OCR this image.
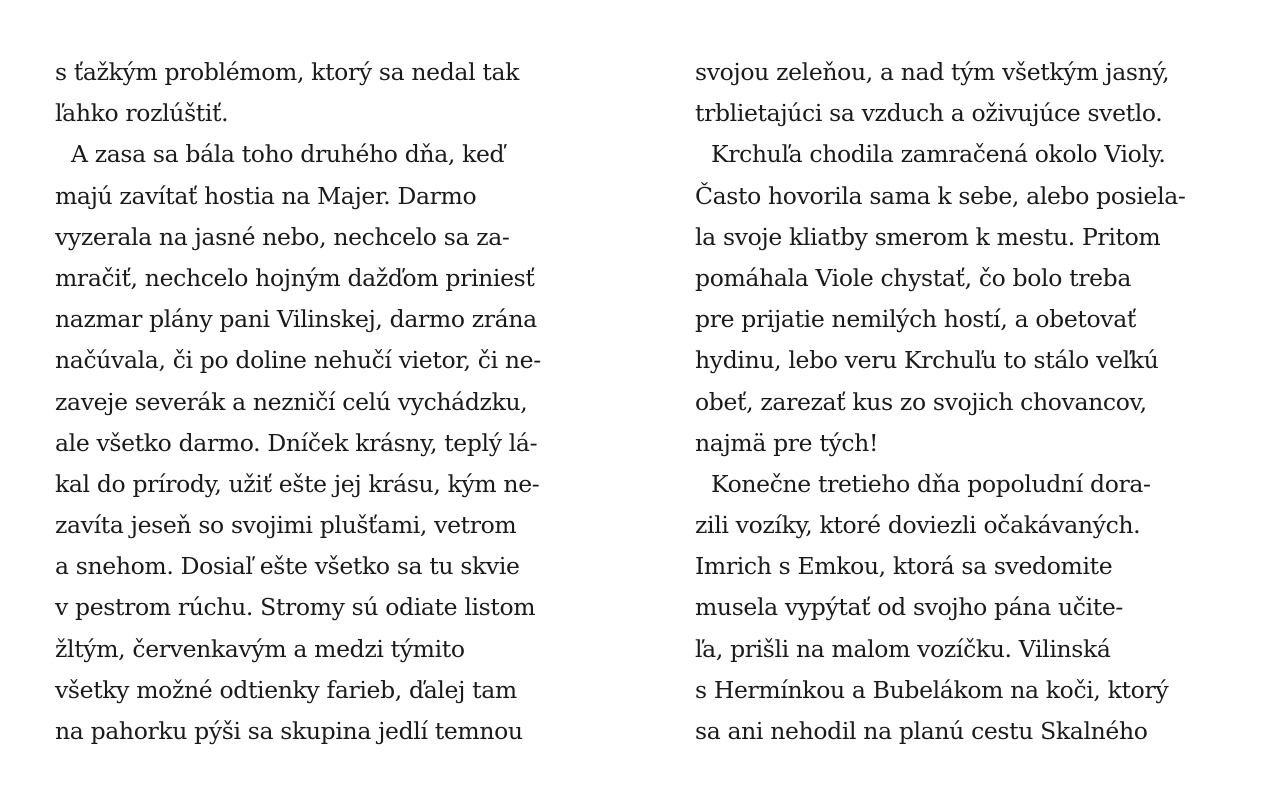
s ťažkým problémom, ktorý sa nedal tak
ľahko rozlúštiť.
A zasa sa bála toho druhého dňa, keď
majú zavítať hostia na Majer. Darmo
vyzerala na jasné nebo, nechcelo sa za-
mračiť, nechcelo hojným dažďom priniesť
nazmar plány pani Vilinskej, darmo zrána
načúvala, či po doline nehučí vietor, či ne-
zaveje severák a nezničí celú vychádzku,
ale všetko darmo. Dníček krásny, teplý lá-
kal do prírody, užiť ešte jej krásu, kým ne-
zavíta jeseň so svojimi plušťami, vetrom
a snehom. Dosiaľ ešte všetko sa tu skvie
v pestrom rúchu. Stromy sú odiate listom
žltým, červenkavým a medzi týmito
všetky možné odtienky farieb, ďalej tam
na pahorku pýši sa skupina jedlí temnou
svojou zeleňou, a nad tým všetkým jasný,
trblietajúci sa vzduch a oživujúce svetlo.
Krchuľa chodila zamračená okolo Violy.
Často hovorila sama k sebe, alebo posiela-
la svoje kliatby smerom k mestu. Pritom
pomáhala Viole chystať, čo bolo treba
pre prijatie nemilých hostí, a obetovať
hydinu, lebo veru Krchuľu to stálo veľkú
obeť, zarezať kus zo svojich chovancov,
najmä pre tých!
Konečne tretieho dňa popoludní dora-
zili vozíky, ktoré doviezli očakávaných.
Imrich s Emkou, ktorá sa svedomite
musela vypýtať od svojho pána učite-
ľa, prišli na malom vozíčku. Vilinská
s Hermínkou a Bubelákom na koči, ktorý
sa ani nehodil na planú cestu Skalného
